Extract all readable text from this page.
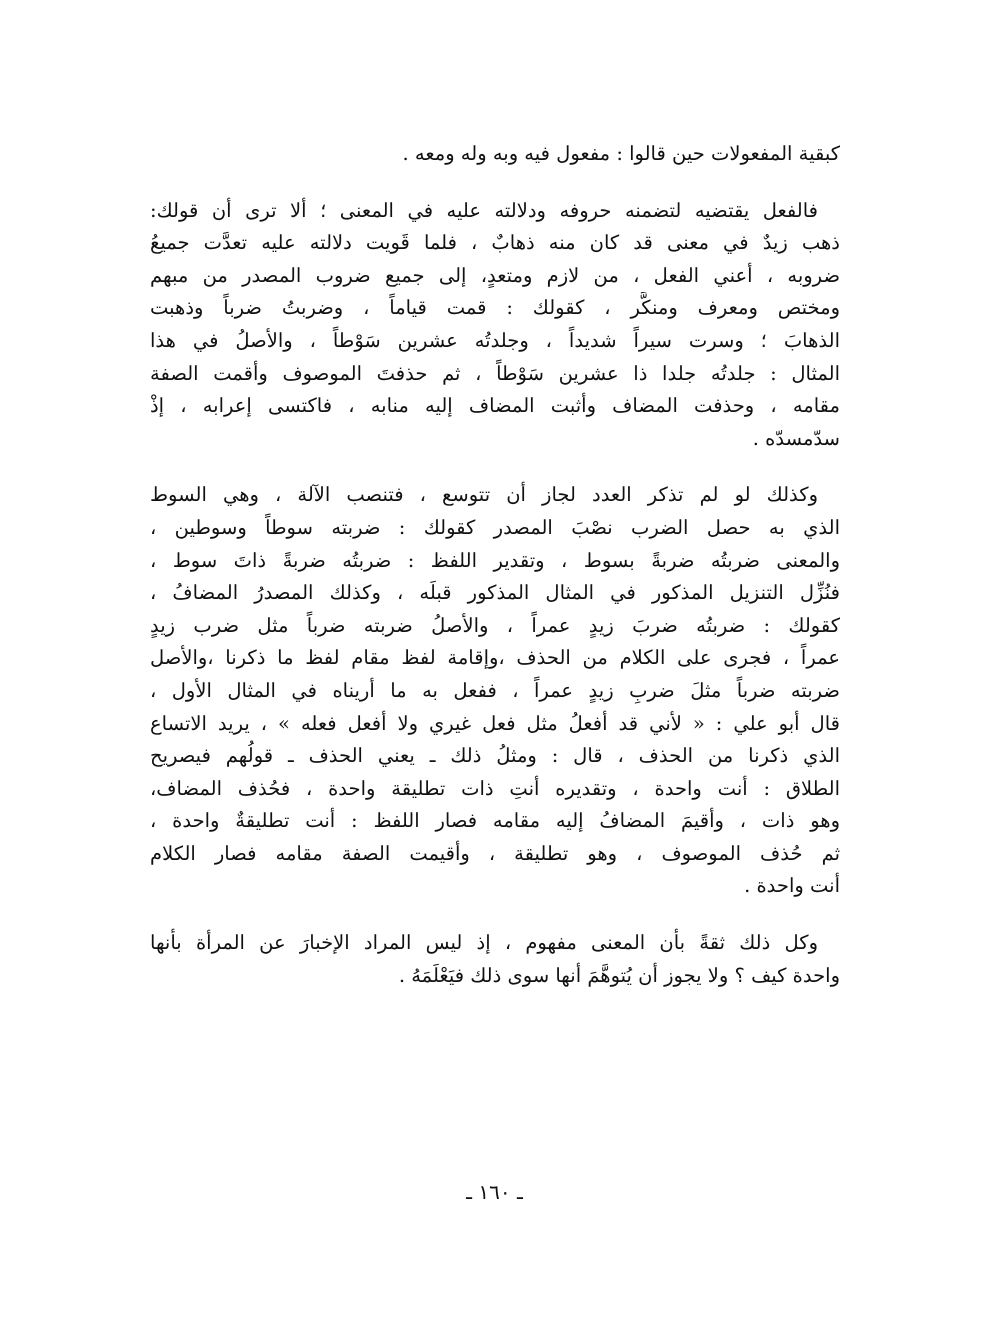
كبقية المفعولات حين قالوا : مفعول فيه وبه وله ومعه .
فالفعل يقتضيه لتضمنه حروفه ودلالته عليه في المعنى ؛ ألا ترى أن قولك:
ذهب زيدٌ في معنى قد كان منه ذهابٌ ، فلما قَويت دلالته عليه تعدَّت جميعُ
ضروبه ، أعني الفعل ، من لازم ومتعدٍ، إلى جميع ضروب المصدر من مبهم
ومختص ومعرف ومنكَّر ، كقولك : قمت قياماً ، وضربتُ ضرباً وذهبت
الذهابَ ؛ وسرت سيراً شديداً ، وجلدتُه عشرين سَوْطاً ، والأصلُ في هذا
المثال : جلدتُه جلدا ذا عشرين سَوْطاً ، ثم حذفتَ الموصوف وأقمت الصفة
مقامه ، وحذفت المضاف وأثبت المضاف إليه منابه ، فاكتسى إعرابه ، إذْ
سدّمسدّه .
وكذلك لو لم تذكر العدد لجاز أن تتوسع ، فتنصب الآلة ، وهي السوط
الذي به حصل الضرب نصْبَ المصدر كقولك : ضربته سوطاً وسوطين ،
والمعنى ضربتُه ضربةً بسوط ، وتقدير اللفظ : ضربتُه ضربةً ذاتَ سوط ،
فنُزِّل التنزيل المذكور في المثال المذكور قبلَه ، وكذلك المصدرُ المضافُ ،
كقولك : ضربتُه ضربَ زيدٍ عمراً ، والأصلُ ضربته ضرباً مثل ضرب زيدٍ
عمراً ، فجرى على الكلام من الحذف ،وإقامة لفظ مقام لفظ ما ذكرنا ،والأصل
ضربته ضرباً مثلَ ضربِ زيدٍ عمراً ، ففعل به ما أريناه في المثال الأول ،
قال أبو علي : « لأني قد أفعلُ مثل فعل غيري ولا أفعل فعله » ، يريد الاتساع
الذي ذكرنا من الحذف ، قال : ومثلُ ذلك ـ يعني الحذف ـ قولُهم فيصريح
الطلاق : أنت واحدة ، وتقديره أنتِ ذات تطليقة واحدة ، فحُذف المضاف،
وهو ذات ، وأقيمَ المضافُ إليه مقامه فصار اللفظ : أنت تطليقةٌ واحدة ،
ثم حُذف الموصوف ، وهو تطليقة ، وأقيمت الصفة مقامه فصار الكلام
أنت واحدة .
وكل ذلك ثقةً بأن المعنى مفهوم ، إذ ليس المراد الإخبارَ عن المرأة بأنها
واحدة كيف ؟ ولا يجوز أن يُتوهَّمَ أنها سوى ذلك فيَعْلَمَهُ .
ـ ١٦٠ ـ
